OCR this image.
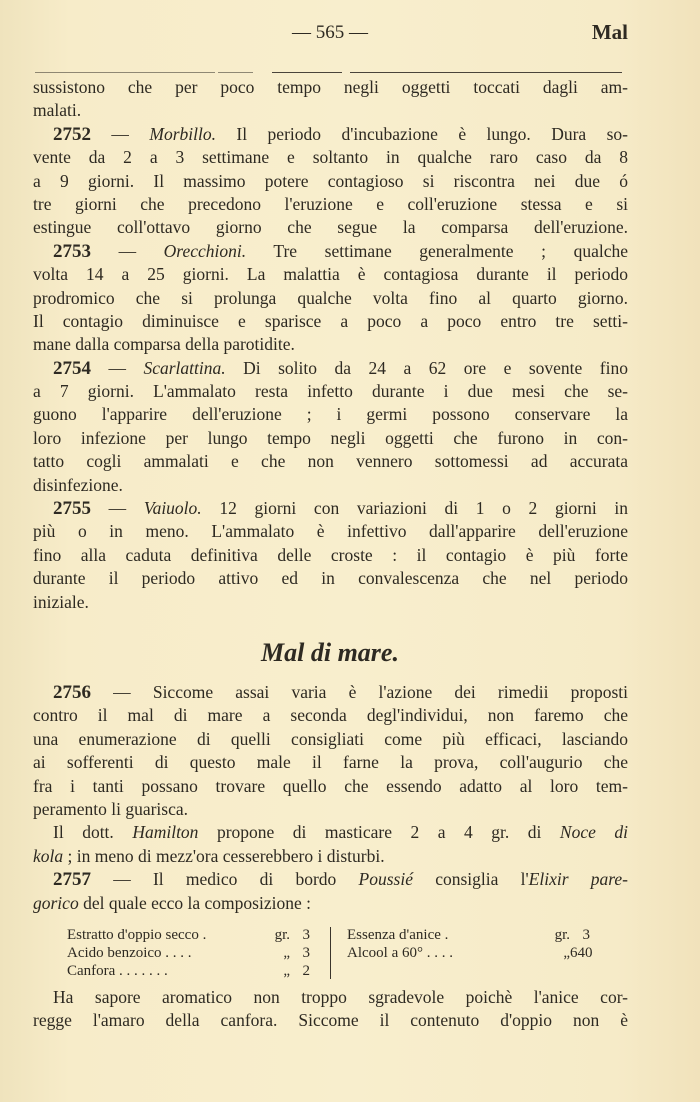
— 565 —	Mal
sussistono che per poco tempo negli oggetti toccati dagli am-
malati.
2752 — Morbillo. Il periodo d'incubazione è lungo. Dura so-
vente da 2 a 3 settimane e soltanto in qualche raro caso da 8
a 9 giorni. Il massimo potere contagioso si riscontra nei due ó
tre giorni che precedono l'eruzione e coll'eruzione stessa e si
estingue coll'ottavo giorno che segue la comparsa dell'eruzione.
2753 — Orecchioni. Tre settimane generalmente ; qualche
volta 14 a 25 giorni. La malattia è contagiosa durante il periodo
prodromico che si prolunga qualche volta fino al quarto giorno.
Il contagio diminuisce e sparisce a poco a poco entro tre setti-
mane dalla comparsa della parotidite.
2754 — Scarlattina. Di solito da 24 a 62 ore e sovente fino
a 7 giorni. L'ammalato resta infetto durante i due mesi che se-
guono l'apparire dell'eruzione ; i germi possono conservare la
loro infezione per lungo tempo negli oggetti che furono in con-
tatto cogli ammalati e che non vennero sottomessi ad accurata
disinfezione.
2755 — Vaiuolo. 12 giorni con variazioni di 1 o 2 giorni in
più o in meno. L'ammalato è infettivo dall'apparire dell'eruzione
fino alla caduta definitiva delle croste : il contagio è più forte
durante il periodo attivo ed in convalescenza che nel periodo
iniziale.
Mal di mare.
2756 — Siccome assai varia è l'azione dei rimedii proposti
contro il mal di mare a seconda degl'individui, non faremo che
una enumerazione di quelli consigliati come più efficaci, lasciando
ai sofferenti di questo male il farne la prova, coll'augurio che
fra i tanti possano trovare quello che essendo adatto al loro tem-
peramento li guarisca.
Il dott. Hamilton propone di masticare 2 a 4 gr. di Noce di
kola ; in meno di mezz'ora cesserebbero i disturbi.
2757 — Il medico di bordo Poussié consiglia l'Elixir pare-
gorico del quale ecco la composizione :
Estratto d'oppio secco .	gr. 3
Acido benzoico . . . .	„ 3
Canfora . . . . . . .	„ 2
Essenza d'anice .	gr. 3
Alcool a 60° . . . .	„ 640
Ha sapore aromatico non troppo sgradevole poichè l'anice cor-
regge l'amaro della canfora. Siccome il contenuto d'oppio non è
